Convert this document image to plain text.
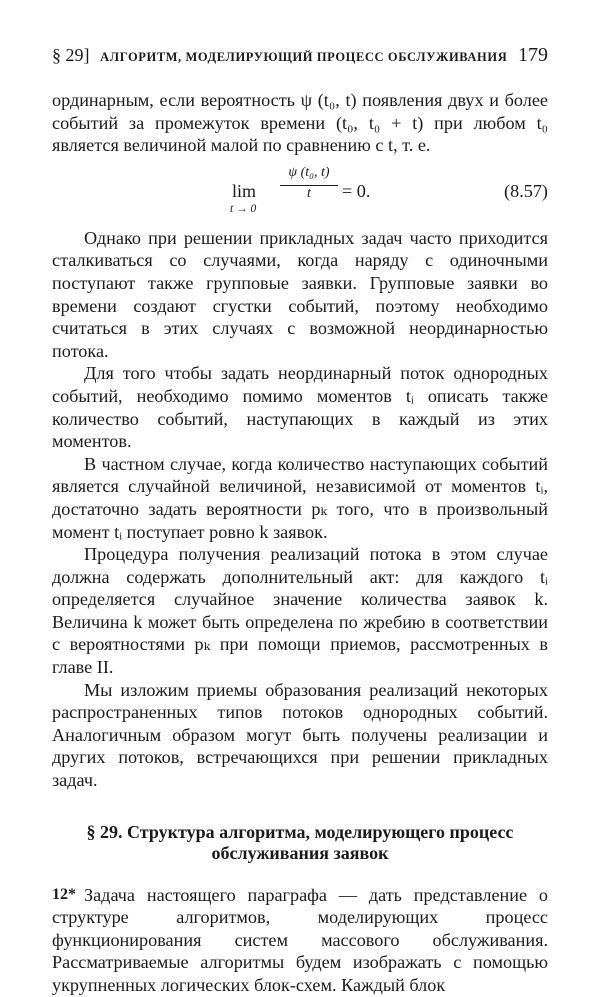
§ 29] АЛГОРИТМ, МОДЕЛИРУЮЩИЙ ПРОЦЕСС ОБСЛУЖИВАНИЯ 179

ординарным, если вероятность ψ (t₀, t) появления двух и более событий за промежуток времени (t₀, t₀ + t) при любом t₀ является величиной малой по сравнению с t, т. е.

lim
t → 0
ψ (t₀, t)
t	= 0.	(8.57)

Однако при решении прикладных задач часто приходится сталкиваться со случаями, когда наряду с одиночными поступают также групповые заявки. Групповые заявки во времени создают сгустки событий, поэтому необходимо считаться в этих случаях с возможной неординарностью потока.

Для того чтобы задать неординарный поток однородных событий, необходимо помимо моментов tᵢ описать также количество событий, наступающих в каждый из этих моментов.

В частном случае, когда количество наступающих событий является случайной величиной, независимой от моментов tᵢ, достаточно задать вероятности pₖ того, что в произвольный момент tᵢ поступает ровно k заявок.

Процедура получения реализаций потока в этом случае должна содержать дополнительный акт: для каждого tᵢ определяется случайное значение количества заявок k. Величина k может быть определена по жребию в соответствии с вероятностями pₖ при помощи приемов, рассмотренных в главе II.

Мы изложим приемы образования реализаций некоторых распространенных типов потоков однородных событий. Аналогичным образом могут быть получены реализации и других потоков, встречающихся при решении прикладных задач.

§ 29. Структура алгоритма, моделирующего процесс обслуживания заявок

Задача настоящего параграфа — дать представление о структуре алгоритмов, моделирующих процесс функционирования систем массового обслуживания. Рассматриваемые алгоритмы будем изображать с помощью укрупненных логических блок-схем. Каждый блок

12*
